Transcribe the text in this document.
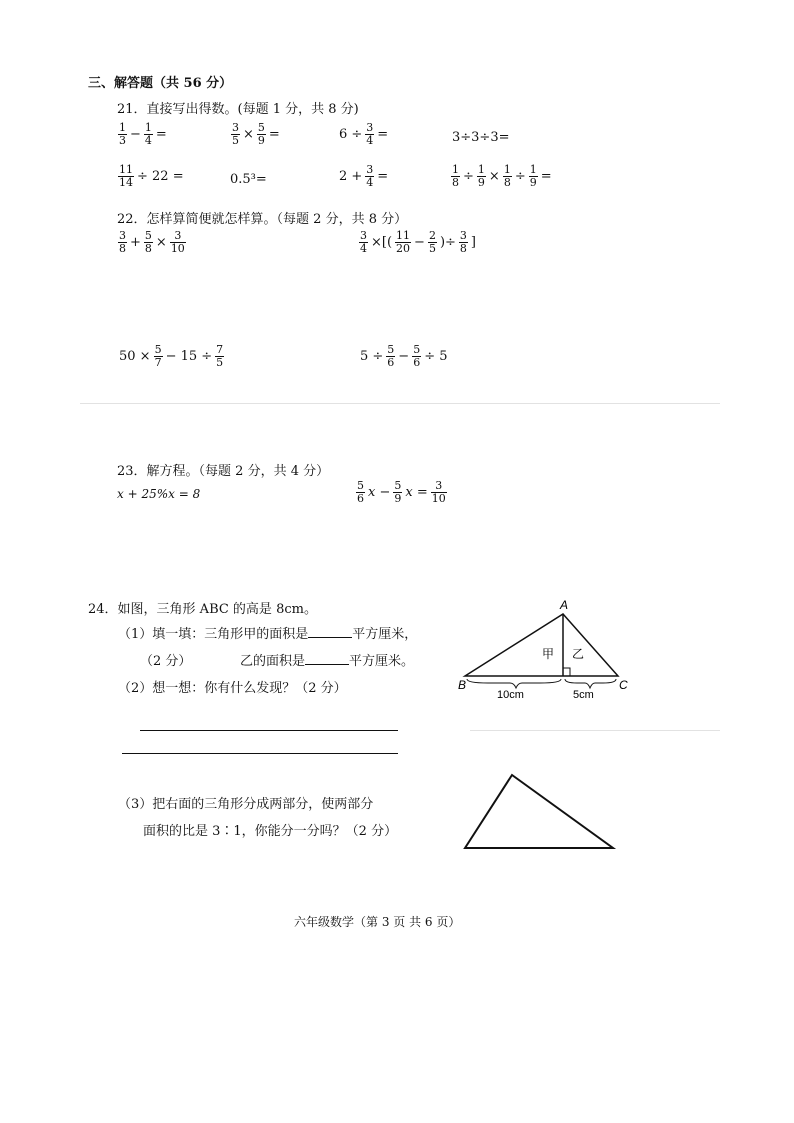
三、解答题（共 56 分）
21．直接写出得数。(每题 1 分，共 8 分)
$\frac{1}{3} - \frac{1}{4}$ =	$\frac{3}{5} \times \frac{5}{9}$ =	$6 \div \frac{3}{4}$ =	3÷3÷3=
$\frac{11}{14} \div 22$ =	0.5³=	$2 + \frac{3}{4}$ =	$\frac{1}{8} \div \frac{1}{9} \times \frac{1}{8} \div \frac{1}{9}$ =
22．怎样算简便就怎样算。（每题 2 分，共 8 分）
$\frac{3}{8} + \frac{5}{8} \times \frac{3}{10}$	$\frac{3}{4}$ ×[( $\frac{11}{20} - \frac{2}{5}$ )÷ $\frac{3}{8}$ ]
$50 \times \frac{5}{7} - 15 \div \frac{7}{5}$	$5 \div \frac{5}{6} - \frac{5}{6} \div 5$
23．解方程。（每题 2 分，共 4 分）
x + 25%x = 8	$\frac{5}{6}$ $x - \frac{5}{9}$ $x = \frac{3}{10}$
24．如图，三角形 ABC 的高是 8cm。
（1）填一填：三角形甲的面积是	平方厘米，
（2 分）	乙的面积是	平方厘米。
（2）想一想：你有什么发现？（2 分）
（3）把右面的三角形分成两部分，使两部分
面积的比是 3∶1，你能分一分吗？（2 分）
A
B	C
甲 乙
10cm	5cm
六年级数学（第 3 页 共 6 页）
